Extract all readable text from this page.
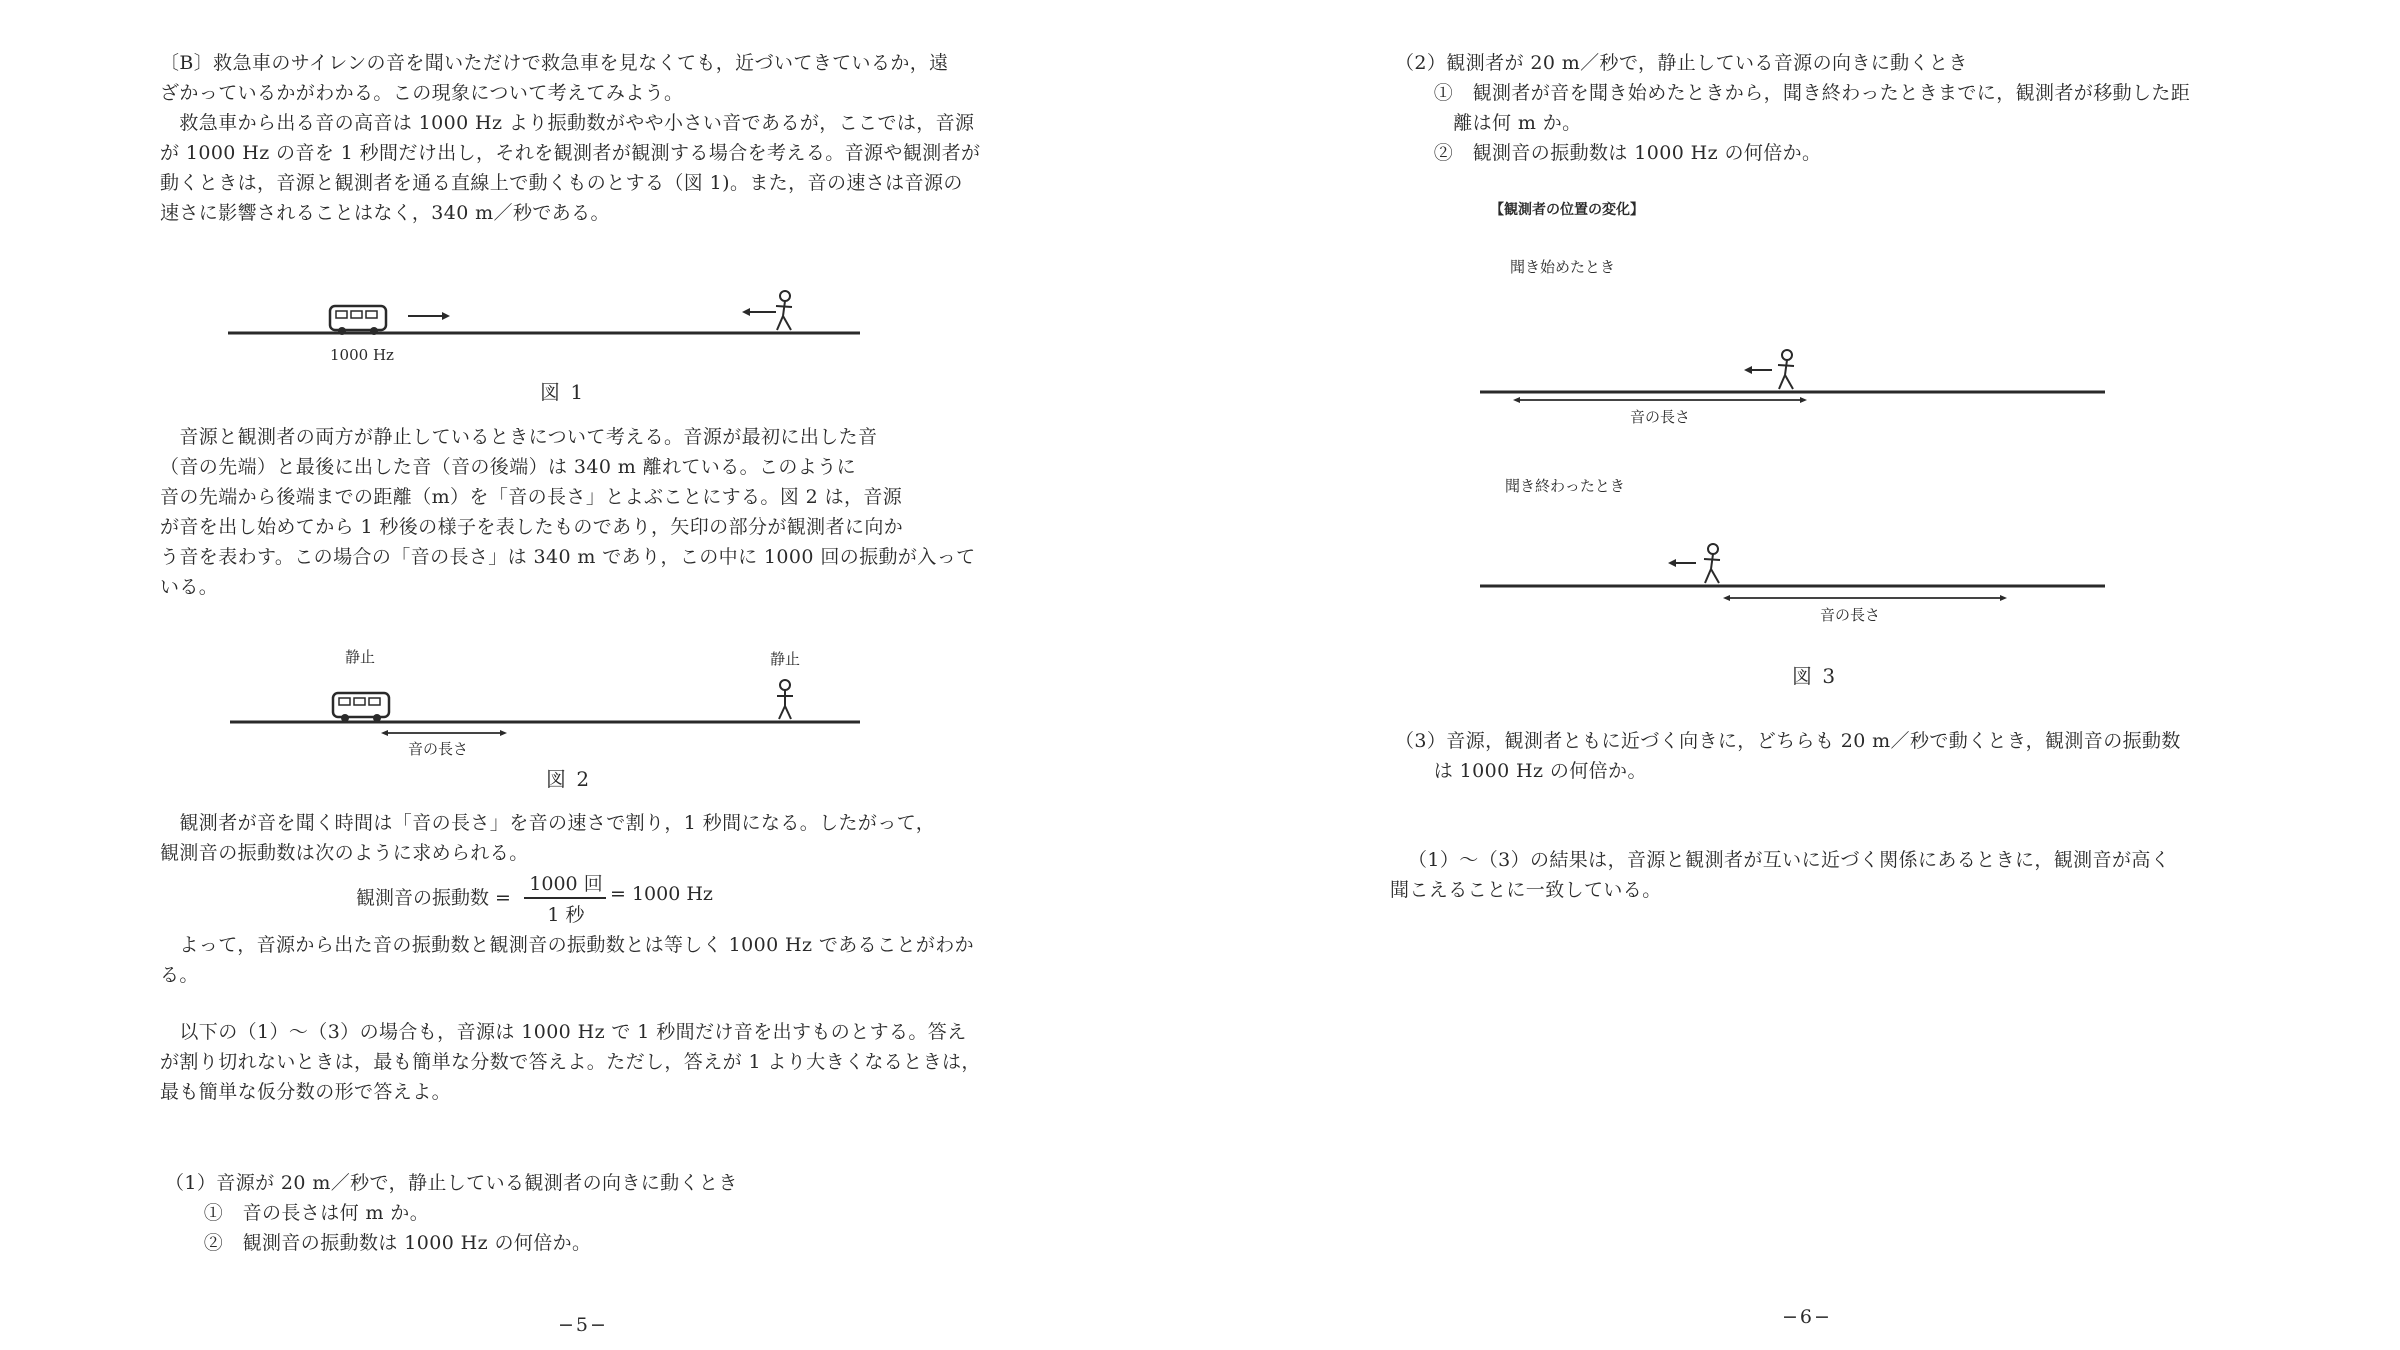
〔B〕救急車のサイレンの音を聞いただけで救急車を見なくても，近づいてきているか，遠
ざかっているかがわかる。この現象について考えてみよう。
　救急車から出る音の高音は 1000 Hz より振動数がやや小さい音であるが，ここでは，音源
が 1000 Hz の音を 1 秒間だけ出し，それを観測者が観測する場合を考える。音源や観測者が
動くときは，音源と観測者を通る直線上で動くものとする（図 1)。また，音の速さは音源の
速さに影響されることはなく，340 m／秒である。
1000 Hz
図 1
　音源と観測者の両方が静止しているときについて考える。音源が最初に出した音
（音の先端）と最後に出した音（音の後端）は 340 m 離れている。このように
音の先端から後端までの距離（m）を「音の長さ」とよぶことにする。図 2 は，音源
が音を出し始めてから 1 秒後の様子を表したものであり，矢印の部分が観測者に向か
う音を表わす。この場合の「音の長さ」は 340 m であり，この中に 1000 回の振動が入って
いる。
静止	静止
音の長さ
図 2
　観測者が音を聞く時間は「音の長さ」を音の速さで割り，1 秒間になる。したがって，
観測音の振動数は次のように求められる。
観測音の振動数 =
1000 回
1 秒
= 1000 Hz
　よって，音源から出た音の振動数と観測音の振動数とは等しく 1000 Hz であることがわか
る。
　以下の（1）～（3）の場合も，音源は 1000 Hz で 1 秒間だけ音を出すものとする。答え
が割り切れないときは，最も簡単な分数で答えよ。ただし，答えが 1 より大きくなるときは，
最も簡単な仮分数の形で答えよ。
（1）音源が 20 m／秒で，静止している観測者の向きに動くとき
　　①　音の長さは何 m か。
　　②　観測音の振動数は 1000 Hz の何倍か。
−5−
（2）観測者が 20 m／秒で，静止している音源の向きに動くとき
　　①　観測者が音を聞き始めたときから，聞き終わったときまでに，観測者が移動した距
　　　離は何 m か。
　　②　観測音の振動数は 1000 Hz の何倍か。
【観測者の位置の変化】
聞き始めたとき
音の長さ
聞き終わったとき
音の長さ
図 3
（3）音源，観測者ともに近づく向きに，どちらも 20 m／秒で動くとき，観測音の振動数
　　は 1000 Hz の何倍か。
（1）～（3）の結果は，音源と観測者が互いに近づく関係にあるときに，観測音が高く
聞こえることに一致している。
−6−
